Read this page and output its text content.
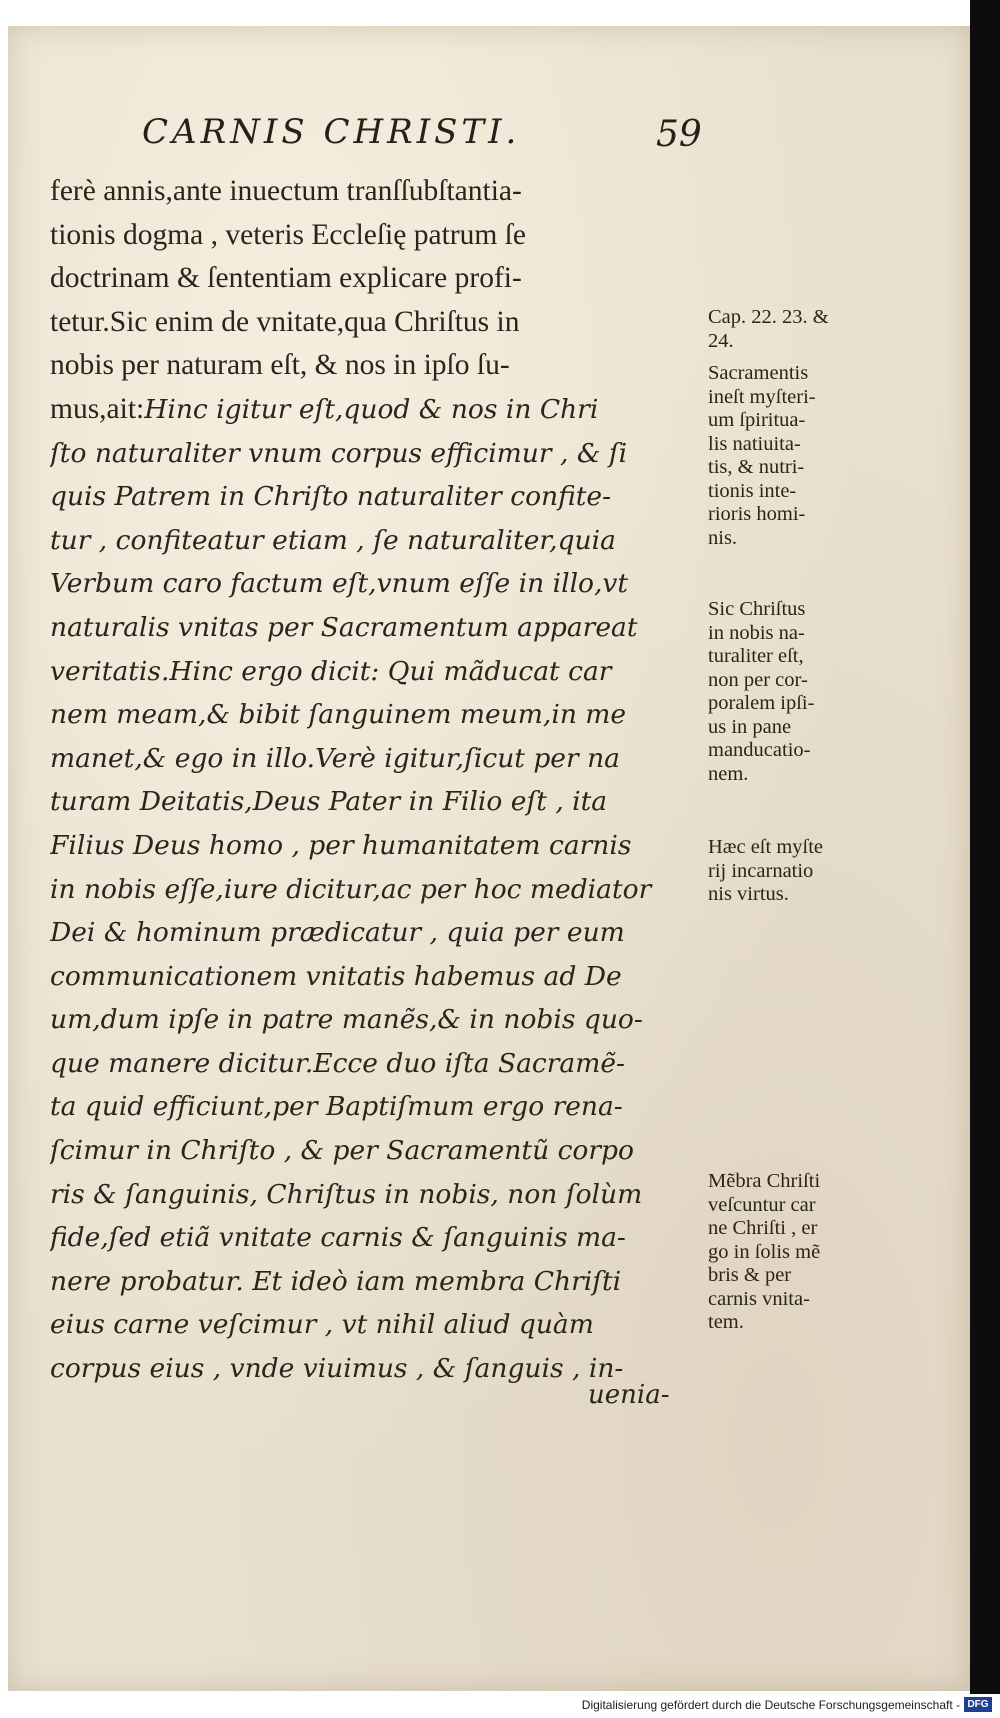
CARNIS CHRISTI.	59
ferè annis,ante inuectum tranſſubſtantia-
tionis dogma , veteris Eccleſię patrum ſe
doctrinam & ſententiam explicare profi-
tetur.Sic enim de vnitate,qua Chriſtus in
nobis per naturam eſt, & nos in ipſo ſu-
mus,ait:Hinc igitur eſt,quod & nos in Chri
ſto naturaliter vnum corpus efficimur , & ſi
quis Patrem in Chriſto naturaliter confite-
tur , confiteatur etiam , ſe naturaliter,quia
Verbum caro factum eſt,vnum eſſe in illo,vt
naturalis vnitas per Sacramentum appareat
veritatis.Hinc ergo dicit: Qui mãducat car
nem meam,& bibit ſanguinem meum,in me
manet,& ego in illo.Verè igitur,ſicut per na
turam Deitatis,Deus Pater in Filio eſt , ita
Filius Deus homo , per humanitatem carnis
in nobis eſſe,iure dicitur,ac per hoc mediator
Dei & hominum prædicatur , quia per eum
communicationem vnitatis habemus ad De
um,dum ipſe in patre manẽs,& in nobis quo-
que manere dicitur.Ecce duo iſta Sacramẽ-
ta quid efficiunt,per Baptiſmum ergo rena-
ſcimur in Chriſto , & per Sacramentũ corpo
ris & ſanguinis, Chriſtus in nobis, non ſolùm
fide,ſed etiã vnitate carnis & ſanguinis ma-
nere probatur. Et ideò iam membra Chriſti
eius carne veſcimur , vt nihil aliud quàm
corpus eius , vnde viuimus , & ſanguis , in-
uenia-
Cap. 22. 23. &
24.
Sacramentis
ineſt myſteri-
um ſpiritua-
lis natiuita-
tis, & nutri-
tionis inte-
rioris homi-
nis.
Sic Chriſtus
in nobis na-
turaliter eſt,
non per cor-
poralem ipſi-
us in pane
manducatio-
nem.
Hæc eſt myſte
rij incarnatio
nis virtus.
Mẽbra Chriſti
veſcuntur car
ne Chriſti , er
go in ſolis mẽ
bris & per
carnis vnita-
tem.
Digitalisierung gefördert durch die Deutsche Forschungsgemeinschaft - DFG
